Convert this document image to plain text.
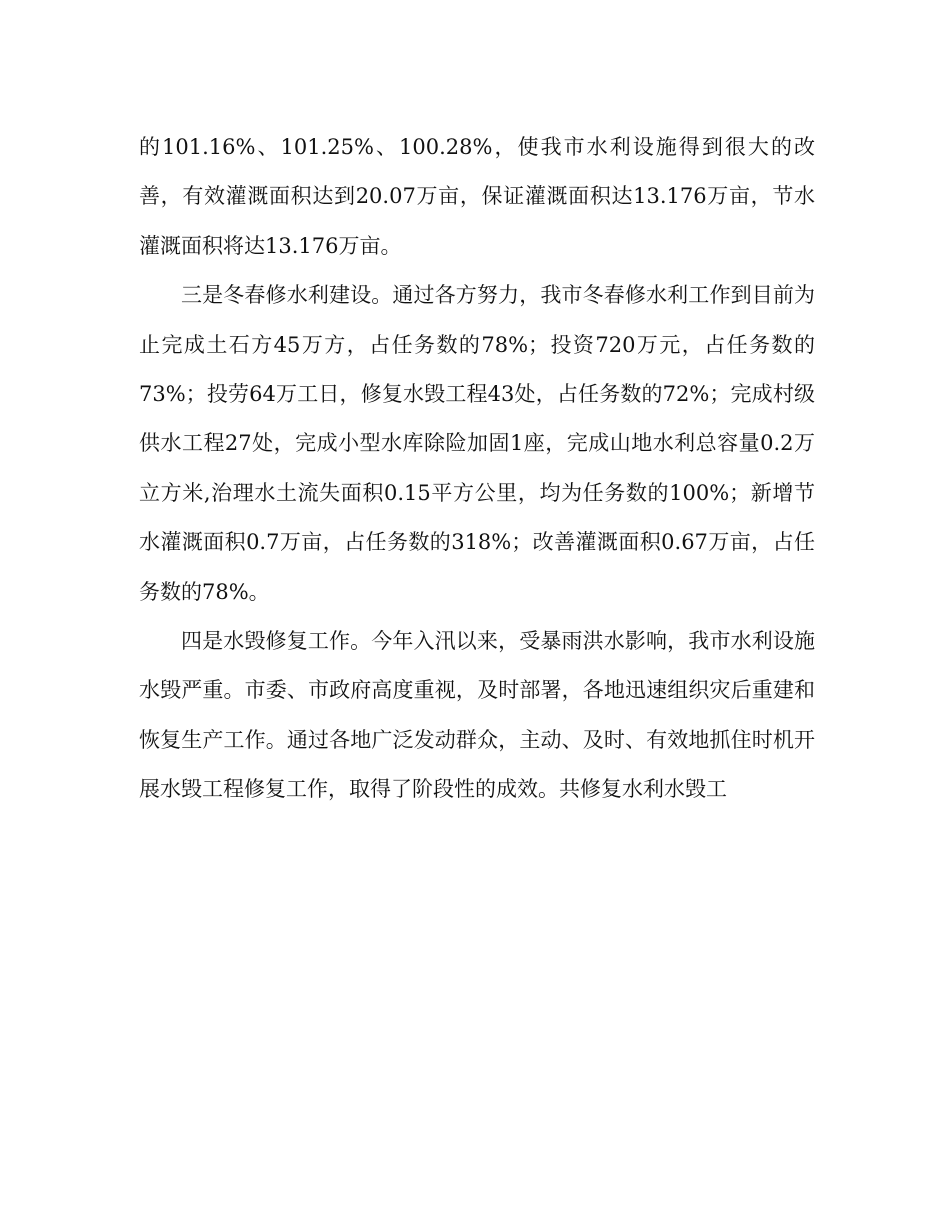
的101.16%、101.25%、100.28%，使我市水利设施得到很大的改善，有效灌溉面积达到20.07万亩，保证灌溉面积达13.176万亩，节水灌溉面积将达13.176万亩。

三是冬春修水利建设。通过各方努力，我市冬春修水利工作到目前为止完成土石方45万方，占任务数的78%；投资720万元，占任务数的73%；投劳64万工日，修复水毁工程43处，占任务数的72%；完成村级供水工程27处，完成小型水库除险加固1座，完成山地水利总容量0.2万立方米,治理水土流失面积0.15平方公里，均为任务数的100%；新增节水灌溉面积0.7万亩，占任务数的318%；改善灌溉面积0.67万亩，占任务数的78%。

四是水毁修复工作。今年入汛以来，受暴雨洪水影响，我市水利设施水毁严重。市委、市政府高度重视，及时部署，各地迅速组织灾后重建和恢复生产工作。通过各地广泛发动群众，主动、及时、有效地抓住时机开展水毁工程修复工作，取得了阶段性的成效。共修复水利水毁工
